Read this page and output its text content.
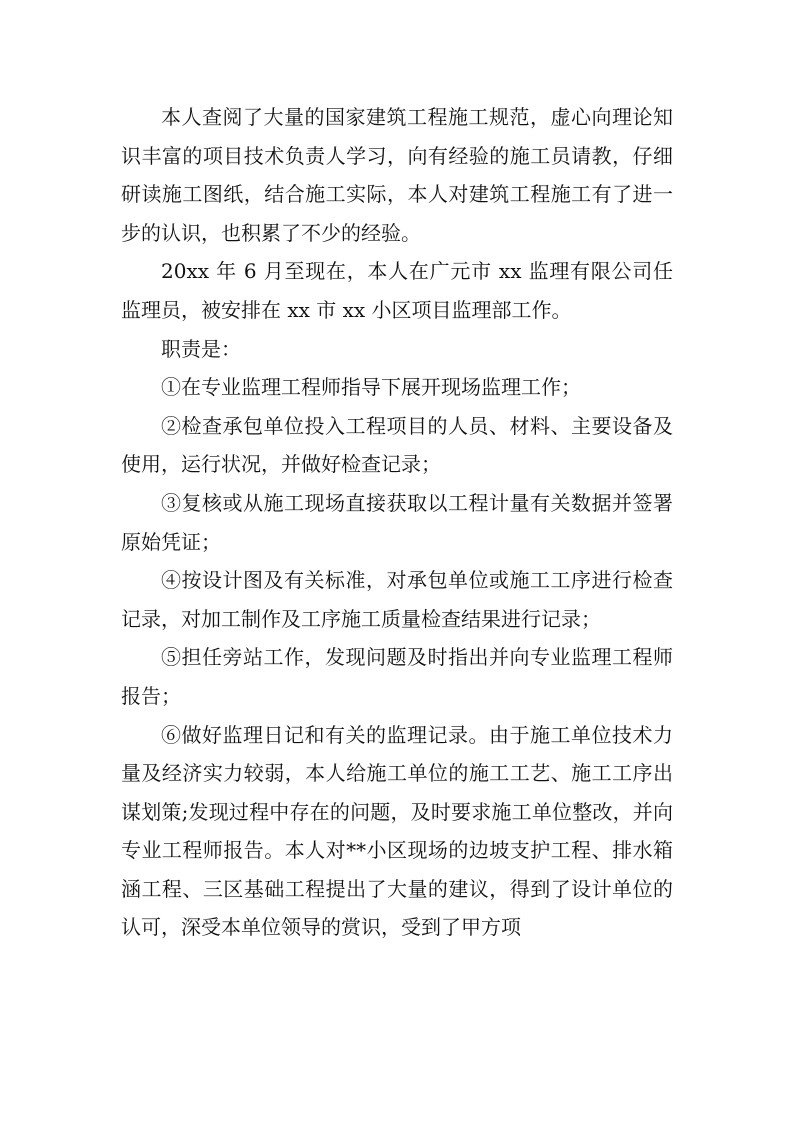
本人查阅了大量的国家建筑工程施工规范，虚心向理论知识丰富的项目技术负责人学习，向有经验的施工员请教，仔细研读施工图纸，结合施工实际，本人对建筑工程施工有了进一步的认识，也积累了不少的经验。

20xx 年 6 月至现在，本人在广元市 xx 监理有限公司任监理员，被安排在 xx 市 xx 小区项目监理部工作。

职责是：

①在专业监理工程师指导下展开现场监理工作；

②检查承包单位投入工程项目的人员、材料、主要设备及使用，运行状况，并做好检查记录；

③复核或从施工现场直接获取以工程计量有关数据并签署原始凭证；

④按设计图及有关标准，对承包单位或施工工序进行检查记录，对加工制作及工序施工质量检查结果进行记录；

⑤担任旁站工作，发现问题及时指出并向专业监理工程师报告；

⑥做好监理日记和有关的监理记录。由于施工单位技术力量及经济实力较弱，本人给施工单位的施工工艺、施工工序出谋划策;发现过程中存在的问题，及时要求施工单位整改，并向专业工程师报告。本人对**小区现场的边坡支护工程、排水箱涵工程、三区基础工程提出了大量的建议，得到了设计单位的认可，深受本单位领导的赏识，受到了甲方项
